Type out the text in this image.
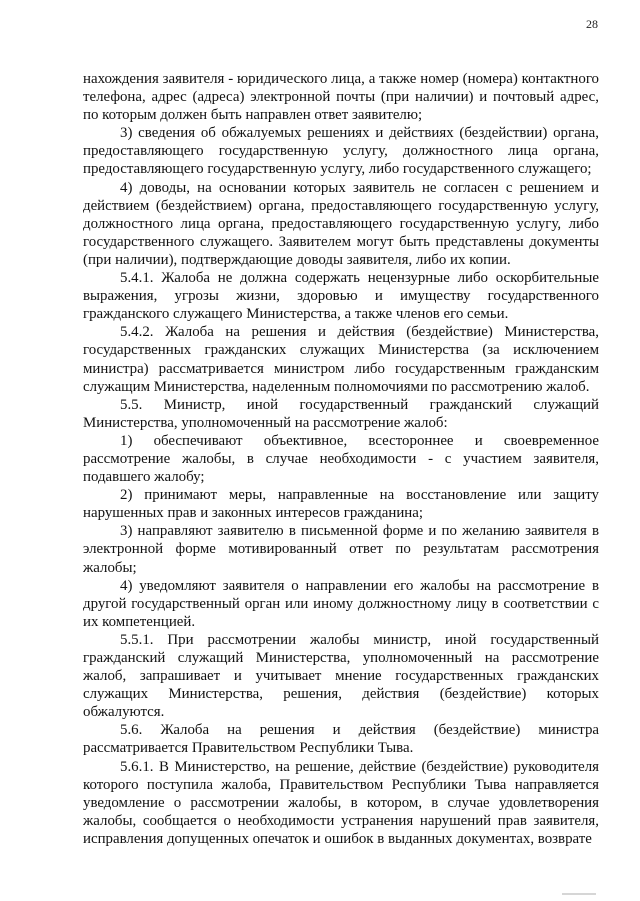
28

нахождения заявителя - юридического лица, а также номер (номера) контактного телефона, адрес (адреса) электронной почты (при наличии) и почтовый адрес, по которым должен быть направлен ответ заявителю;

3) сведения об обжалуемых решениях и действиях (бездействии) органа, предоставляющего государственную услугу, должностного лица органа, предоставляющего государственную услугу, либо государственного служащего;

4) доводы, на основании которых заявитель не согласен с решением и действием (бездействием) органа, предоставляющего государственную услугу, должностного лица органа, предоставляющего государственную услугу, либо государственного служащего. Заявителем могут быть представлены документы (при наличии), подтверждающие доводы заявителя, либо их копии.

5.4.1. Жалоба не должна содержать нецензурные либо оскорбительные выражения, угрозы жизни, здоровью и имуществу государственного гражданского служащего Министерства, а также членов его семьи.

5.4.2. Жалоба на решения и действия (бездействие) Министерства, государственных гражданских служащих Министерства (за исключением министра) рассматривается министром либо государственным гражданским служащим Министерства, наделенным полномочиями по рассмотрению жалоб.

5.5. Министр, иной государственный гражданский служащий Министерства, уполномоченный на рассмотрение жалоб:

1) обеспечивают объективное, всестороннее и своевременное рассмотрение жалобы, в случае необходимости - с участием заявителя, подавшего жалобу;

2) принимают меры, направленные на восстановление или защиту нарушенных прав и законных интересов гражданина;

3) направляют заявителю в письменной форме и по желанию заявителя в электронной форме мотивированный ответ по результатам рассмотрения жалобы;

4) уведомляют заявителя о направлении его жалобы на рассмотрение в другой государственный орган или иному должностному лицу в соответствии с их компетенцией.

5.5.1. При рассмотрении жалобы министр, иной государственный гражданский служащий Министерства, уполномоченный на рассмотрение жалоб, запрашивает и учитывает мнение государственных гражданских служащих Министерства, решения, действия (бездействие) которых обжалуются.

5.6. Жалоба на решения и действия (бездействие) министра рассматривается Правительством Республики Тыва.

5.6.1. В Министерство, на решение, действие (бездействие) руководителя которого поступила жалоба, Правительством Республики Тыва направляется уведомление о рассмотрении жалобы, в котором, в случае удовлетворения жалобы, сообщается о необходимости устранения нарушений прав заявителя, исправления допущенных опечаток и ошибок в выданных документах, возврате
